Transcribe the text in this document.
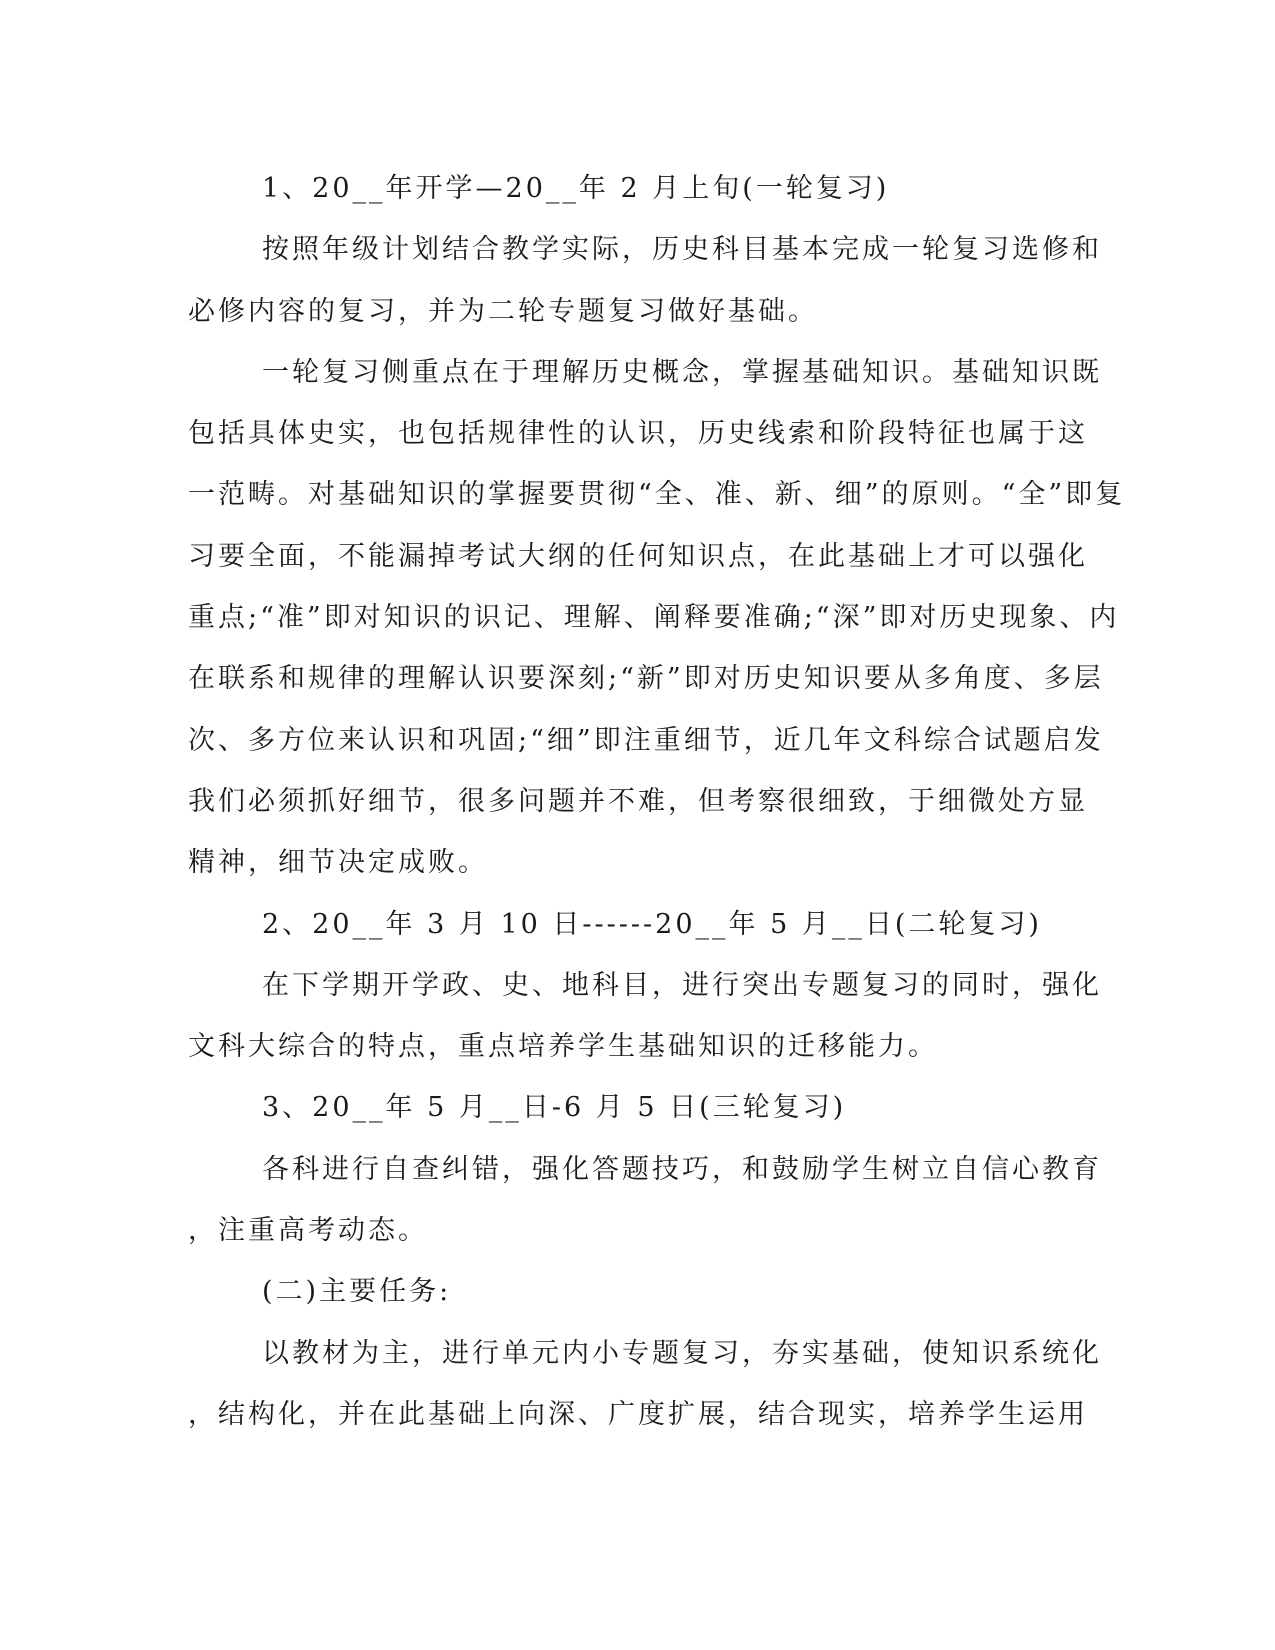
1、20__年开学—20__年 2 月上旬(一轮复习)
按照年级计划结合教学实际，历史科目基本完成一轮复习选修和
必修内容的复习，并为二轮专题复习做好基础。
一轮复习侧重点在于理解历史概念，掌握基础知识。基础知识既
包括具体史实，也包括规律性的认识，历史线索和阶段特征也属于这
一范畴。对基础知识的掌握要贯彻“全、准、新、细”的原则。“全”即复
习要全面，不能漏掉考试大纲的任何知识点，在此基础上才可以强化
重点;“准”即对知识的识记、理解、阐释要准确;“深”即对历史现象、内
在联系和规律的理解认识要深刻;“新”即对历史知识要从多角度、多层
次、多方位来认识和巩固;“细”即注重细节，近几年文科综合试题启发
我们必须抓好细节，很多问题并不难，但考察很细致，于细微处方显
精神，细节决定成败。
2、20__年 3 月 10 日------20__年 5 月__日(二轮复习)
在下学期开学政、史、地科目，进行突出专题复习的同时，强化
文科大综合的特点，重点培养学生基础知识的迁移能力。
3、20__年 5 月__日-6 月 5 日(三轮复习)
各科进行自查纠错，强化答题技巧，和鼓励学生树立自信心教育
，注重高考动态。
(二)主要任务:
以教材为主，进行单元内小专题复习，夯实基础，使知识系统化
，结构化，并在此基础上向深、广度扩展，结合现实，培养学生运用
